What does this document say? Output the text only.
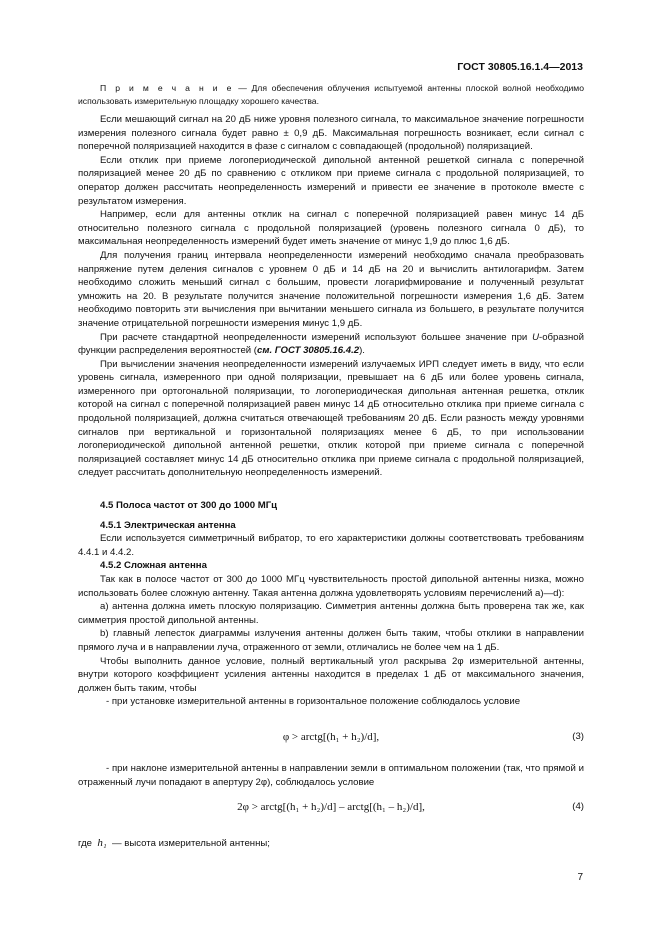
ГОСТ 30805.16.1.4—2013

П р и м е ч а н и е — Для обеспечения облучения испытуемой антенны плоской волной необходимо использовать измерительную площадку хорошего качества.

Если мешающий сигнал на 20 дБ ниже уровня полезного сигнала, то максимальное значение погрешности измерения полезного сигнала будет равно ± 0,9 дБ. Максимальная погрешность возникает, если сигнал с поперечной поляризацией находится в фазе с сигналом с совпадающей (продольной) поляризацией.

Если отклик при приеме логопериодической дипольной антенной решеткой сигнала с поперечной поляризацией менее 20 дБ по сравнению с откликом при приеме сигнала с продольной поляризацией, то оператор должен рассчитать неопределенность измерений и привести ее значение в протоколе вместе с результатом измерения.

Например, если для антенны отклик на сигнал с поперечной поляризацией равен минус 14 дБ относительно полезного сигнала с продольной поляризацией (уровень полезного сигнала 0 дБ), то максимальная неопределенность измерений будет иметь значение от минус 1,9 до плюс 1,6 дБ.

Для получения границ интервала неопределенности измерений необходимо сначала преобразовать напряжение путем деления сигналов с уровнем 0 дБ и 14 дБ на 20 и вычислить антилогарифм. Затем необходимо сложить меньший сигнал с большим, провести логарифмирование и полученный результат умножить на 20. В результате получится значение положительной погрешности измерения 1,6 дБ. Затем необходимо повторить эти вычисления при вычитании меньшего сигнала из большего, в результате получится значение отрицательной погрешности измерения минус 1,9 дБ.

При расчете стандартной неопределенности измерений используют большее значение при U-образной функции распределения вероятностей (см. ГОСТ 30805.16.4.2).

При вычислении значения неопределенности измерений излучаемых ИРП следует иметь в виду, что если уровень сигнала, измеренного при одной поляризации, превышает на 6 дБ или более уровень сигнала, измеренного при ортогональной поляризации, то логопериодическая дипольная антенная решетка, отклик которой на сигнал с поперечной поляризацией равен минус 14 дБ относительно отклика при приеме сигнала с продольной поляризацией, должна считаться отвечающей требованиям 20 дБ. Если разность между уровнями сигналов при вертикальной и горизонтальной поляризациях менее 6 дБ, то при использовании логопериодической дипольной антенной решетки, отклик которой при приеме сигнала с поперечной поляризацией составляет минус 14 дБ относительно отклика при приеме сигнала с продольной поляризацией, следует рассчитать дополнительную неопределенность измерений.

4.5 Полоса частот от 300 до 1000 МГц

4.5.1 Электрическая антенна

Если используется симметричный вибратор, то его характеристики должны соответствовать требованиям 4.4.1 и 4.4.2.

4.5.2 Сложная антенна

Так как в полосе частот от 300 до 1000 МГц чувствительность простой дипольной антенны низка, можно использовать более сложную антенну. Такая антенна должна удовлетворять условиям перечислений а)—d):

а) антенна должна иметь плоскую поляризацию. Симметрия антенны должна быть проверена так же, как симметрия простой дипольной антенны.

b) главный лепесток диаграммы излучения антенны должен быть таким, чтобы отклики в направлении прямого луча и в направлении луча, отраженного от земли, отличались не более чем на 1 дБ.

Чтобы выполнить данное условие, полный вертикальный угол раскрыва 2φ измерительной антенны, внутри которого коэффициент усиления антенны находится в пределах 1 дБ от максимального значения, должен быть таким, чтобы

- при установке измерительной антенны в горизонтальное положение соблюдалось условие

φ > arctg[(h₁ + h₂)/d],	(3)

- при наклоне измерительной антенны в направлении земли в оптимальном положении (так, что прямой и отраженный лучи попадают в апертуру 2φ), соблюдалось условие

2φ > arctg[(h₁ + h₂)/d] – arctg[(h₁ – h₂)/d],	(4)
где h₁ — высота измерительной антенны;
7
